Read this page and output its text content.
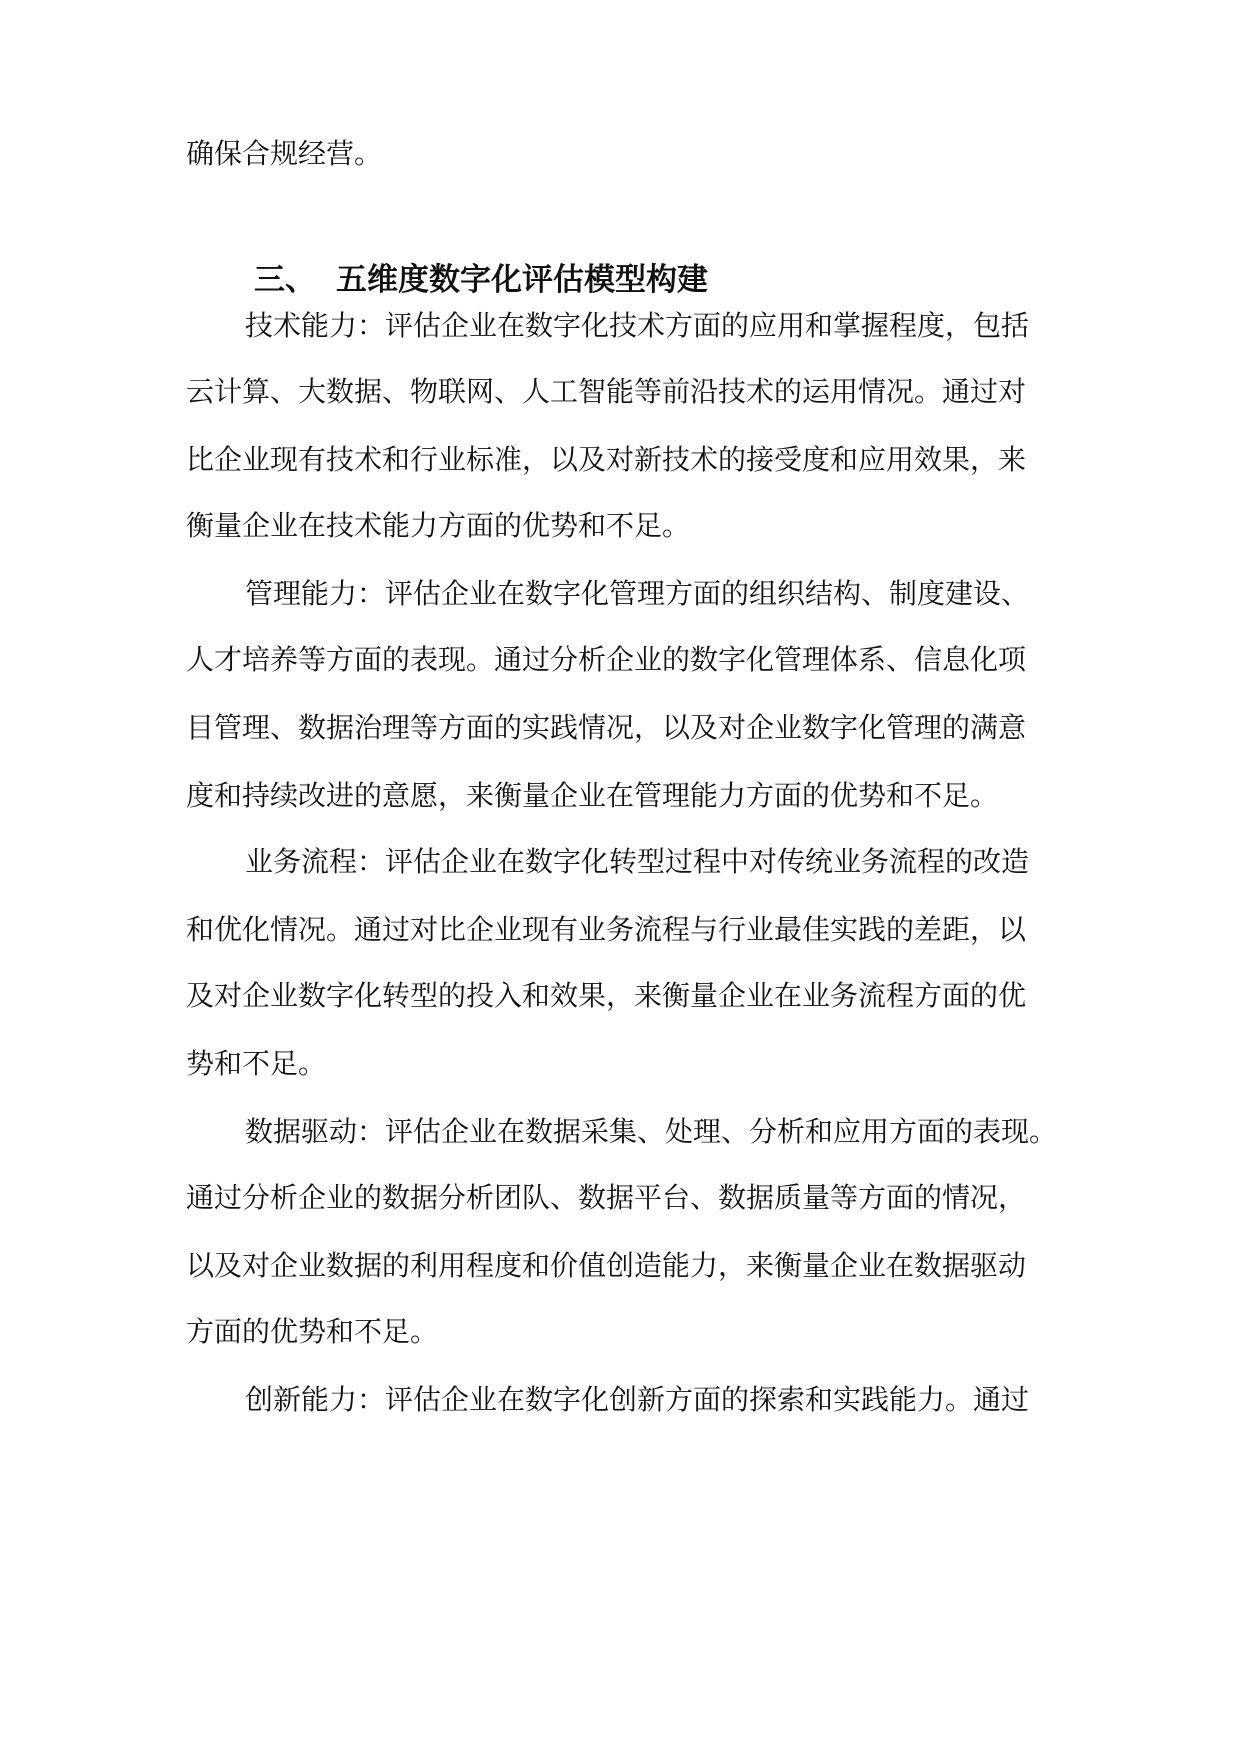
确保合规经营。
三、 五维度数字化评估模型构建
技术能力：评估企业在数字化技术方面的应用和掌握程度，包括
云计算、大数据、物联网、人工智能等前沿技术的运用情况。通过对
比企业现有技术和行业标准，以及对新技术的接受度和应用效果，来
衡量企业在技术能力方面的优势和不足。
管理能力：评估企业在数字化管理方面的组织结构、制度建设、
人才培养等方面的表现。通过分析企业的数字化管理体系、信息化项
目管理、数据治理等方面的实践情况，以及对企业数字化管理的满意
度和持续改进的意愿，来衡量企业在管理能力方面的优势和不足。
业务流程：评估企业在数字化转型过程中对传统业务流程的改造
和优化情况。通过对比企业现有业务流程与行业最佳实践的差距，以
及对企业数字化转型的投入和效果，来衡量企业在业务流程方面的优
势和不足。
数据驱动：评估企业在数据采集、处理、分析和应用方面的表现。
通过分析企业的数据分析团队、数据平台、数据质量等方面的情况，
以及对企业数据的利用程度和价值创造能力，来衡量企业在数据驱动
方面的优势和不足。
创新能力：评估企业在数字化创新方面的探索和实践能力。通过
